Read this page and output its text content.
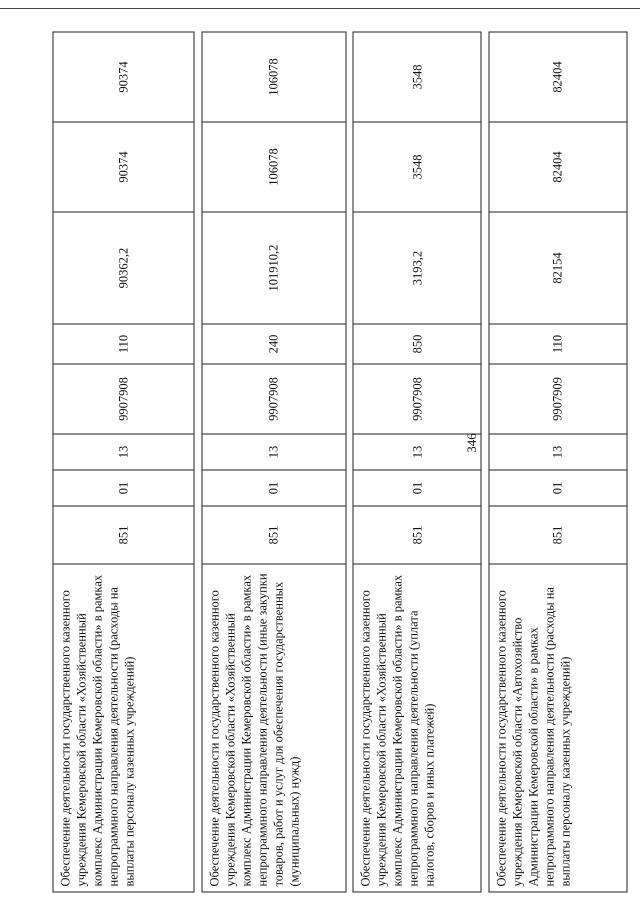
346
Обеспечение деятельности государственного казенного учреждения Кемеровской области «Хозяйственный комплекс Администрации Кемеровской области» в рамках непрограммного направления деятельности (расходы на выплаты персоналу казенных учреждений)	851	01	13	9907908	110	90362,2	90374	90374

Обеспечение деятельности государственного казенного учреждения Кемеровской области «Хозяйственный комплекс Администрации Кемеровской области» в рамках непрограммного направления деятельности (иные закупки товаров, работ и услуг для обеспечения государственных (муниципальных) нужд)	851	01	13	9907908	240	101910,2	106078	106078

Обеспечение деятельности государственного казенного учреждения Кемеровской области «Хозяйственный комплекс Администрации Кемеровской области» в рамках непрограммного направления деятельности (уплата налогов, сборов и иных платежей)	851	01	13	9907908	850	3193,2	3548	3548

Обеспечение деятельности государственного казенного учреждения Кемеровской области «Автохозяйство Администрации Кемеровской области» в рамках непрограммного направления деятельности (расходы на выплаты персоналу казенных учреждений)	851	01	13	9907909	110	82154	82404	82404
